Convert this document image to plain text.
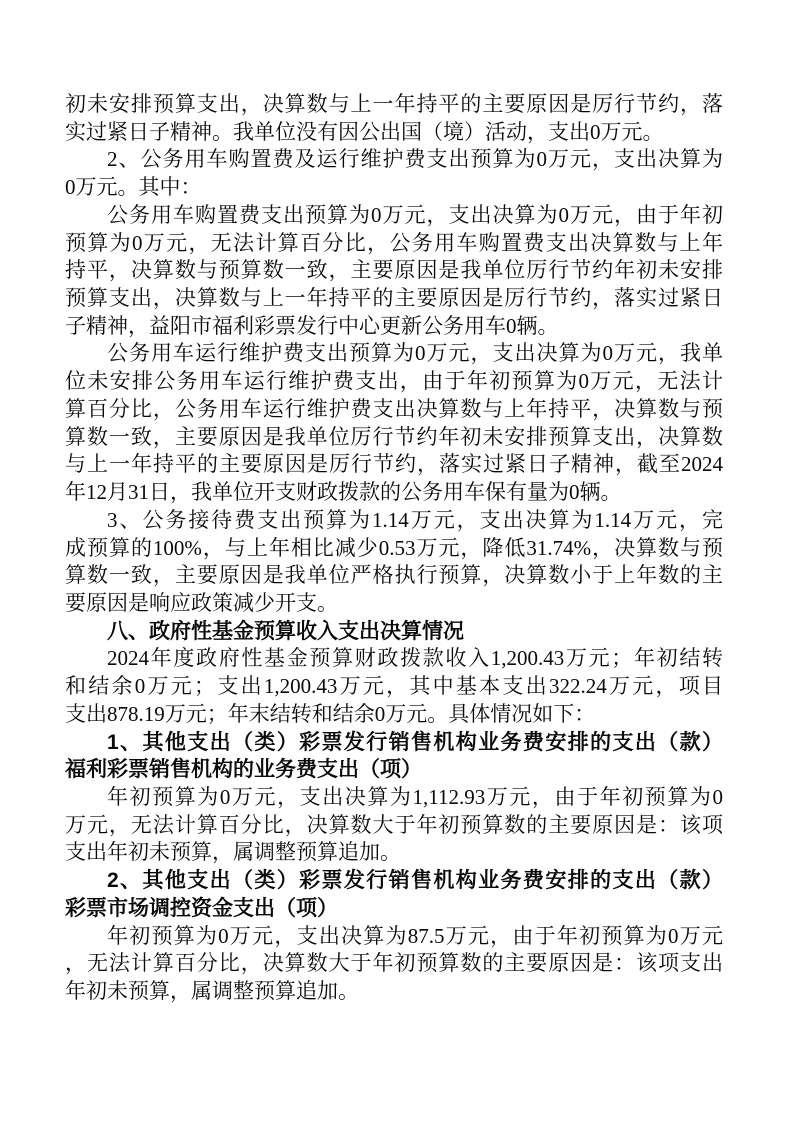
初未安排预算支出，决算数与上一年持平的主要原因是厉行节约，落
实过紧日子精神。我单位没有因公出国（境）活动，支出0万元。
2、公务用车购置费及运行维护费支出预算为0万元，支出决算为
0万元。其中：
公务用车购置费支出预算为0万元，支出决算为0万元，由于年初
预算为0万元，无法计算百分比，公务用车购置费支出决算数与上年
持平，决算数与预算数一致，主要原因是我单位厉行节约年初未安排
预算支出，决算数与上一年持平的主要原因是厉行节约，落实过紧日
子精神，益阳市福利彩票发行中心更新公务用车0辆。
公务用车运行维护费支出预算为0万元，支出决算为0万元，我单
位未安排公务用车运行维护费支出，由于年初预算为0万元，无法计
算百分比，公务用车运行维护费支出决算数与上年持平，决算数与预
算数一致，主要原因是我单位厉行节约年初未安排预算支出，决算数
与上一年持平的主要原因是厉行节约，落实过紧日子精神，截至2024
年12月31日，我单位开支财政拨款的公务用车保有量为0辆。
3、公务接待费支出预算为1.14万元，支出决算为1.14万元，完
成预算的100%，与上年相比减少0.53万元，降低31.74%，决算数与预
算数一致，主要原因是我单位严格执行预算，决算数小于上年数的主
要原因是响应政策减少开支。
八、政府性基金预算收入支出决算情况
2024年度政府性基金预算财政拨款收入1,200.43万元；年初结转
和结余0万元；支出1,200.43万元，其中基本支出322.24万元，项目
支出878.19万元；年末结转和结余0万元。具体情况如下：
1、其他支出（类）彩票发行销售机构业务费安排的支出（款）
福利彩票销售机构的业务费支出（项）
年初预算为0万元，支出决算为1,112.93万元，由于年初预算为0
万元，无法计算百分比，决算数大于年初预算数的主要原因是：该项
支出年初未预算，属调整预算追加。
2、其他支出（类）彩票发行销售机构业务费安排的支出（款）
彩票市场调控资金支出（项）
年初预算为0万元，支出决算为87.5万元，由于年初预算为0万元
，无法计算百分比，决算数大于年初预算数的主要原因是：该项支出
年初未预算，属调整预算追加。
